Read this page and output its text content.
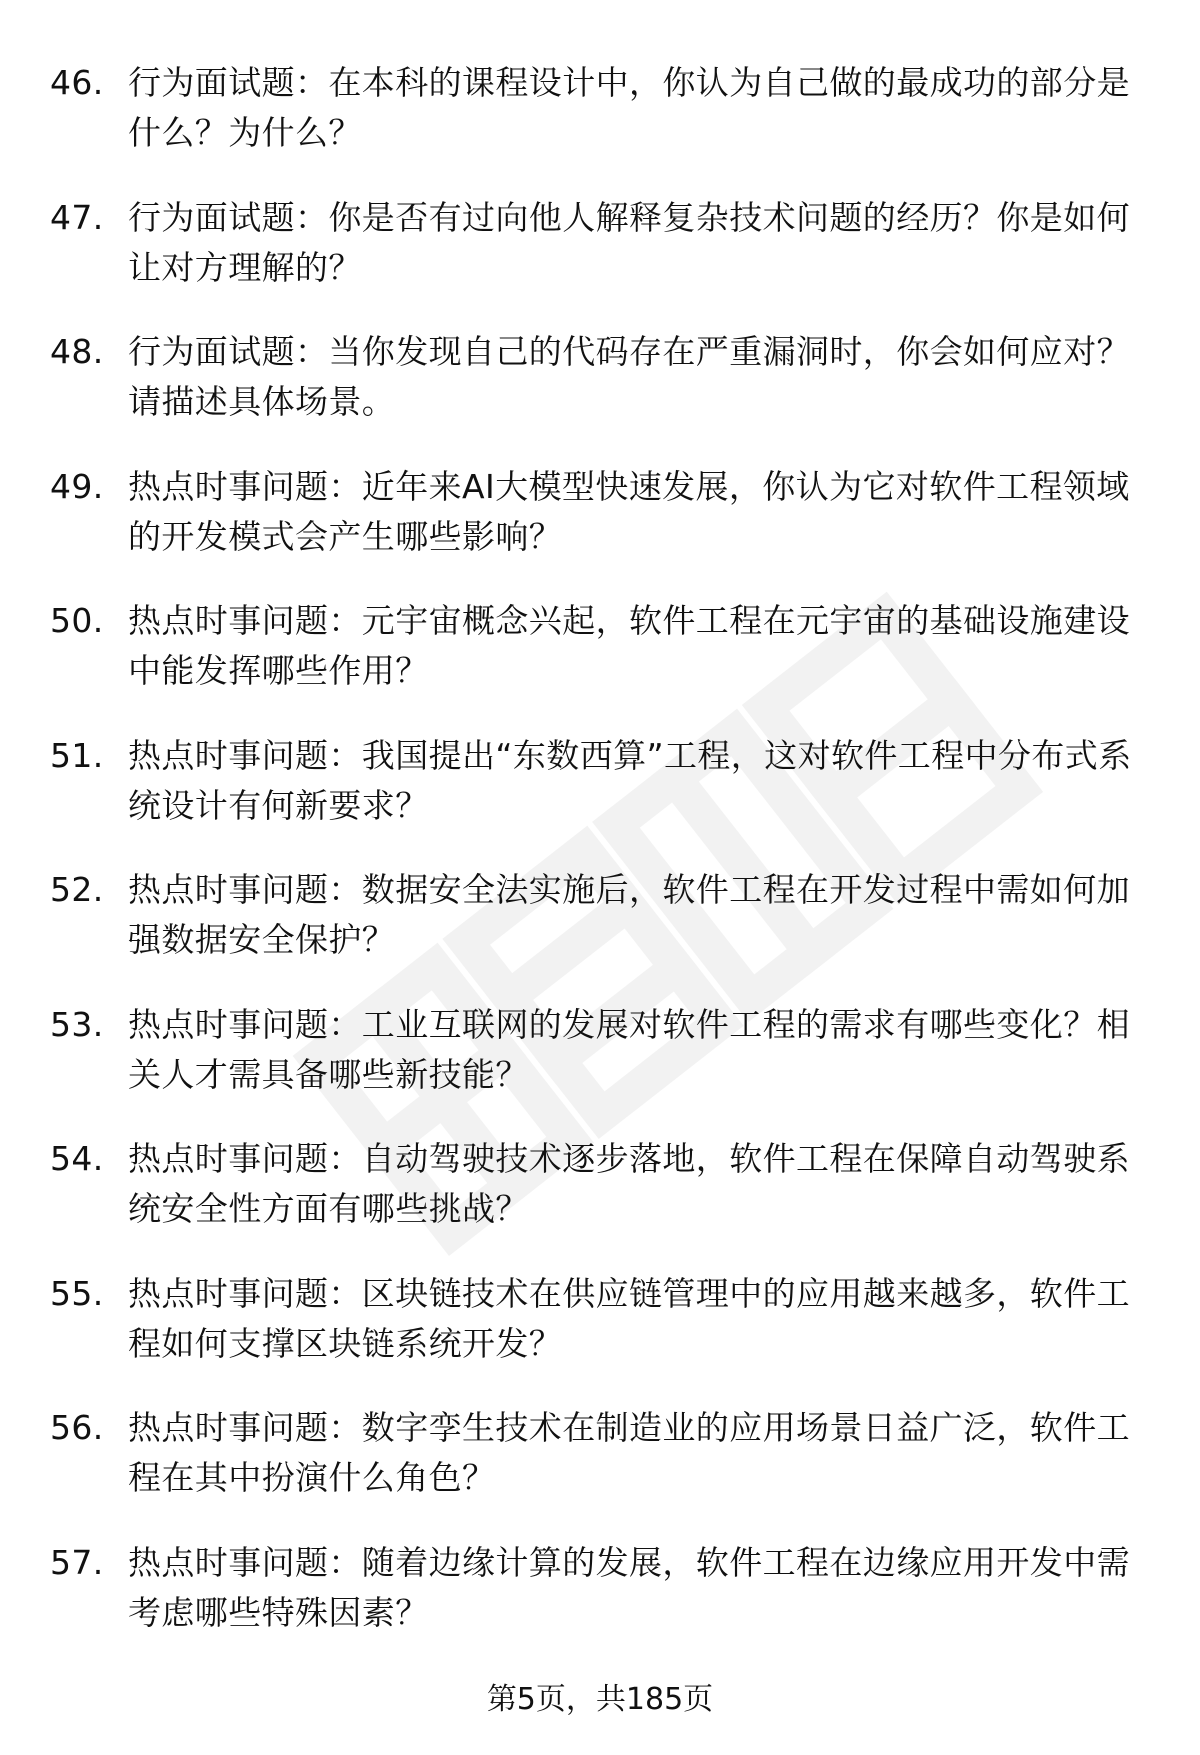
46. 行为面试题：在本科的课程设计中，你认为自己做的最成功的部分是什么？为什么？
47. 行为面试题：你是否有过向他人解释复杂技术问题的经历？你是如何让对方理解的？
48. 行为面试题：当你发现自己的代码存在严重漏洞时，你会如何应对？请描述具体场景。
49. 热点时事问题：近年来AI大模型快速发展，你认为它对软件工程领域的开发模式会产生哪些影响？
50. 热点时事问题：元宇宙概念兴起，软件工程在元宇宙的基础设施建设中能发挥哪些作用？
51. 热点时事问题：我国提出“东数西算”工程，这对软件工程中分布式系统设计有何新要求？
52. 热点时事问题：数据安全法实施后，软件工程在开发过程中需如何加强数据安全保护？
53. 热点时事问题：工业互联网的发展对软件工程的需求有哪些变化？相关人才需具备哪些新技能？
54. 热点时事问题：自动驾驶技术逐步落地，软件工程在保障自动驾驶系统安全性方面有哪些挑战？
55. 热点时事问题：区块链技术在供应链管理中的应用越来越多，软件工程如何支撑区块链系统开发？
56. 热点时事问题：数字孪生技术在制造业的应用场景日益广泛，软件工程在其中扮演什么角色？
57. 热点时事问题：随着边缘计算的发展，软件工程在边缘应用开发中需考虑哪些特殊因素？
第5页，共185页
